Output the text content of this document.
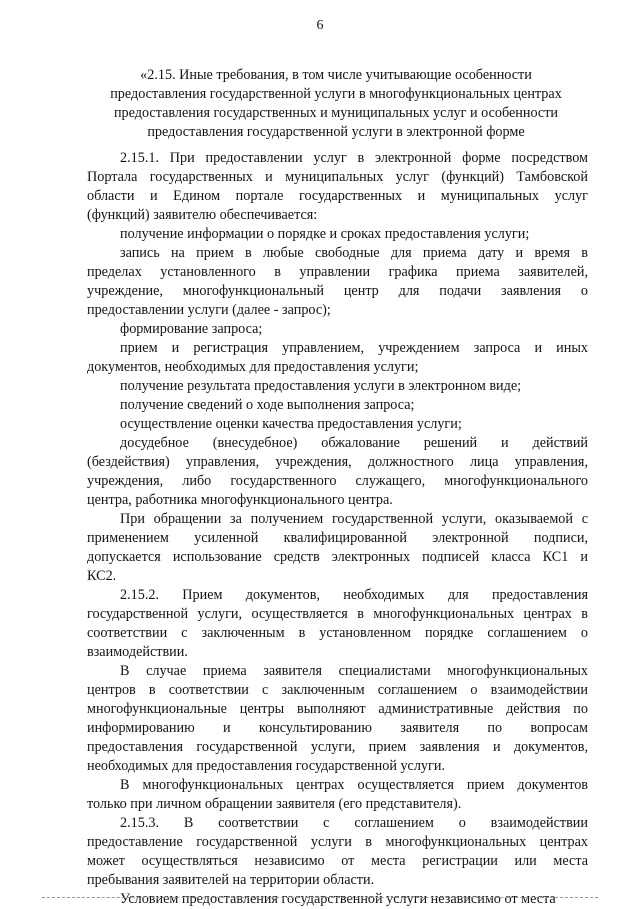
6
«2.15. Иные требования, в том числе учитывающие особенности
предоставления государственной услуги в многофункциональных центрах
предоставления государственных и муниципальных услуг и особенности
предоставления государственной услуги в электронной форме

2.15.1. При предоставлении услуг в электронной форме посредством
Портала государственных и муниципальных услуг (функций) Тамбовской
области и Едином портале государственных и муниципальных услуг
(функций) заявителю обеспечивается:

получение информации о порядке и сроках предоставления услуги;

запись на прием в любые свободные для приема дату и время в
пределах установленного в управлении графика приема заявителей,
учреждение, многофункциональный центр для подачи заявления о
предоставлении услуги (далее - запрос);

формирование запроса;

прием и регистрация управлением, учреждением запроса и иных
документов, необходимых для предоставления услуги;

получение результата предоставления услуги в электронном виде;

получение сведений о ходе выполнения запроса;

осуществление оценки качества предоставления услуги;

досудебное (внесудебное) обжалование решений и действий
(бездействия) управления, учреждения, должностного лица управления,
учреждения, либо государственного служащего, многофункционального
центра, работника многофункционального центра.

При обращении за получением государственной услуги, оказываемой с
применением усиленной квалифицированной электронной подписи,
допускается использование средств электронных подписей класса КС1 и
КС2.

2.15.2. Прием документов, необходимых для предоставления
государственной услуги, осуществляется в многофункциональных центрах в
соответствии с заключенным в установленном порядке соглашением о
взаимодействии.

В случае приема заявителя специалистами многофункциональных
центров в соответствии с заключенным соглашением о взаимодействии
многофункциональные центры выполняют административные действия по
информированию и консультированию заявителя по вопросам
предоставления государственной услуги, прием заявления и документов,
необходимых для предоставления государственной услуги.

В многофункциональных центрах осуществляется прием документов
только при личном обращении заявителя (его представителя).

2.15.3. В соответствии с соглашением о взаимодействии
предоставление государственной услуги в многофункциональных центрах
может осуществляться независимо от места регистрации или места
пребывания заявителей на территории области.

Условием предоставления государственной услуги независимо от места
